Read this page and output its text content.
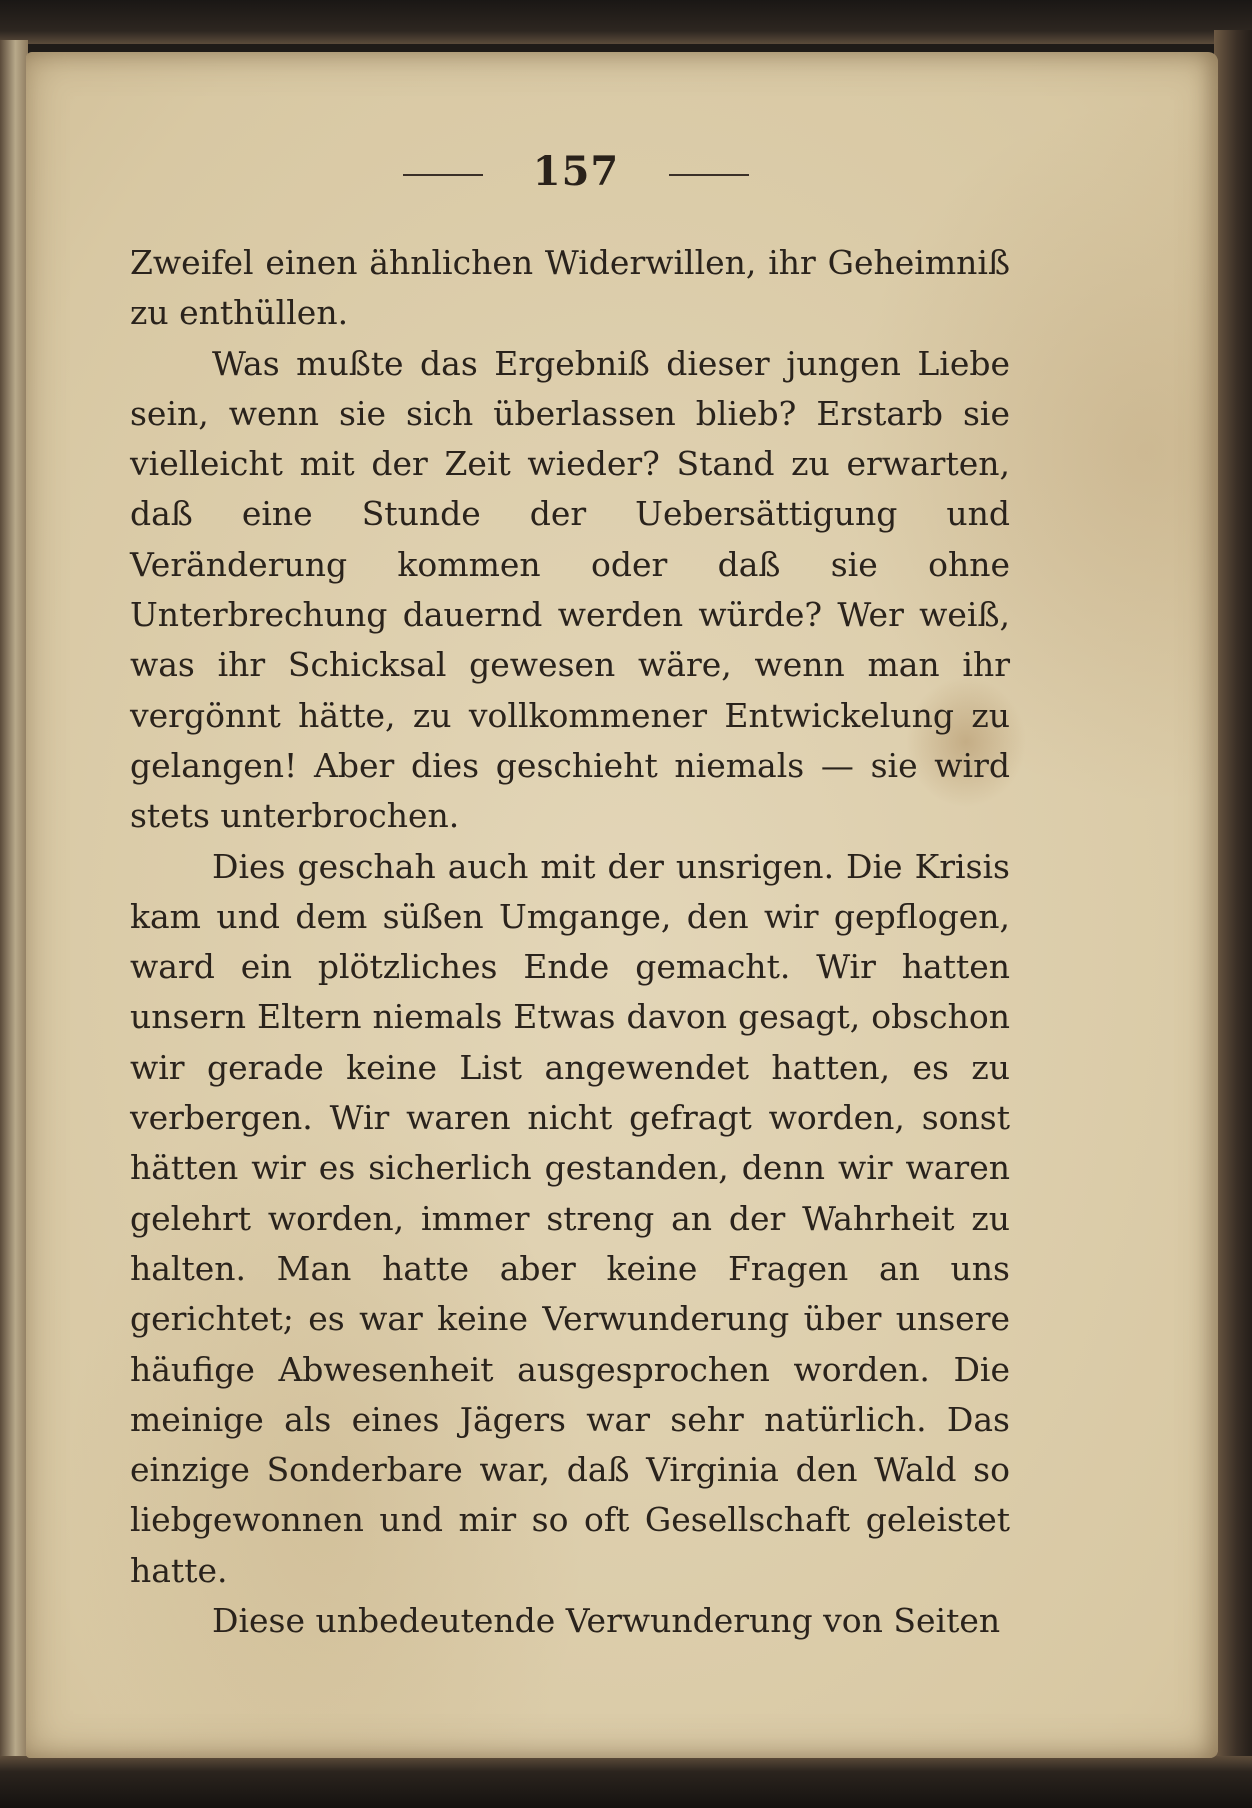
157

Zweifel einen ähnlichen Widerwillen, ihr Geheimniß zu enthüllen.

Was mußte das Ergebniß dieser jungen Liebe sein, wenn sie sich überlassen blieb? Erstarb sie vielleicht mit der Zeit wieder? Stand zu erwarten, daß eine Stunde der Uebersättigung und Veränderung kommen oder daß sie ohne Unterbrechung dauernd werden würde? Wer weiß, was ihr Schicksal gewesen wäre, wenn man ihr vergönnt hätte, zu vollkommener Entwickelung zu gelangen! Aber dies geschieht niemals — sie wird stets unterbrochen.

Dies geschah auch mit der unsrigen. Die Krisis kam und dem süßen Umgange, den wir gepflogen, ward ein plötzliches Ende gemacht. Wir hatten unsern Eltern niemals Etwas davon gesagt, obschon wir gerade keine List angewendet hatten, es zu verbergen. Wir waren nicht gefragt worden, sonst hätten wir es sicherlich gestanden, denn wir waren gelehrt worden, immer streng an der Wahrheit zu halten. Man hatte aber keine Fragen an uns gerichtet; es war keine Verwunderung über unsere häufige Abwesenheit ausgesprochen worden. Die meinige als eines Jägers war sehr natürlich. Das einzige Sonderbare war, daß Virginia den Wald so liebgewonnen und mir so oft Gesellschaft geleistet hatte.

Diese unbedeutende Verwunderung von Seiten
